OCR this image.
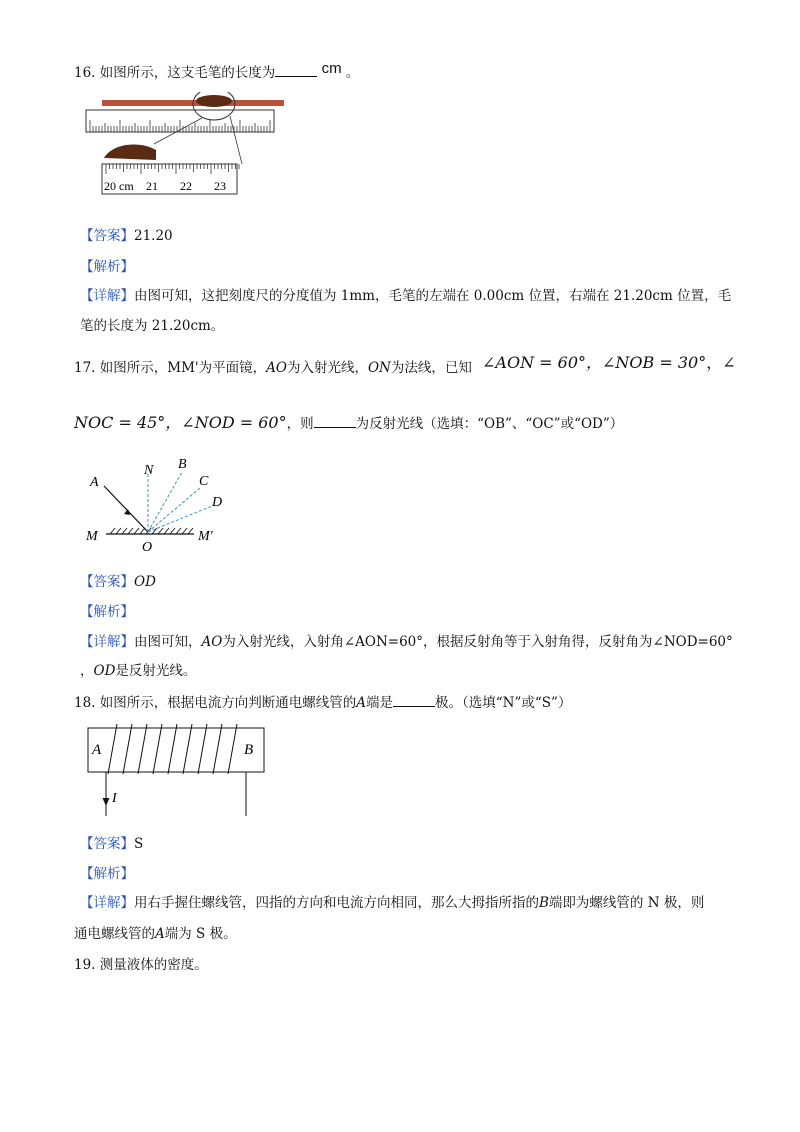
16. 如图所示，这支毛笔的长度为	cm 。
20 cm 21 22 23
【答案】21.20
【解析】
【详解】由图可知，这把刻度尺的分度值为 1mm，毛笔的左端在 0.00cm 位置，右端在 21.20cm 位置，毛
笔的长度为 21.20cm。
17. 如图所示，MM'为平面镜，AO为入射光线，ON为法线，已知 ∠AON = 60°，∠NOB = 30°，∠
NOC = 45°，∠NOD = 60°，则	为反射光线（选填：“OB”、“OC”或“OD”）
A
N B
C
D
M
O
M'
【答案】OD
【解析】
【详解】由图可知，AO为入射光线，入射角∠AON=60°，根据反射角等于入射角得，反射角为∠NOD=60°
，OD是反射光线。
18. 如图所示，根据电流方向判断通电螺线管的A端是	极。（选填“N”或“S”）
A	B
I
【答案】S
【解析】
【详解】用右手握住螺线管，四指的方向和电流方向相同，那么大拇指所指的B端即为螺线管的 N 极，则
通电螺线管的A端为 S 极。
19. 测量液体的密度。
